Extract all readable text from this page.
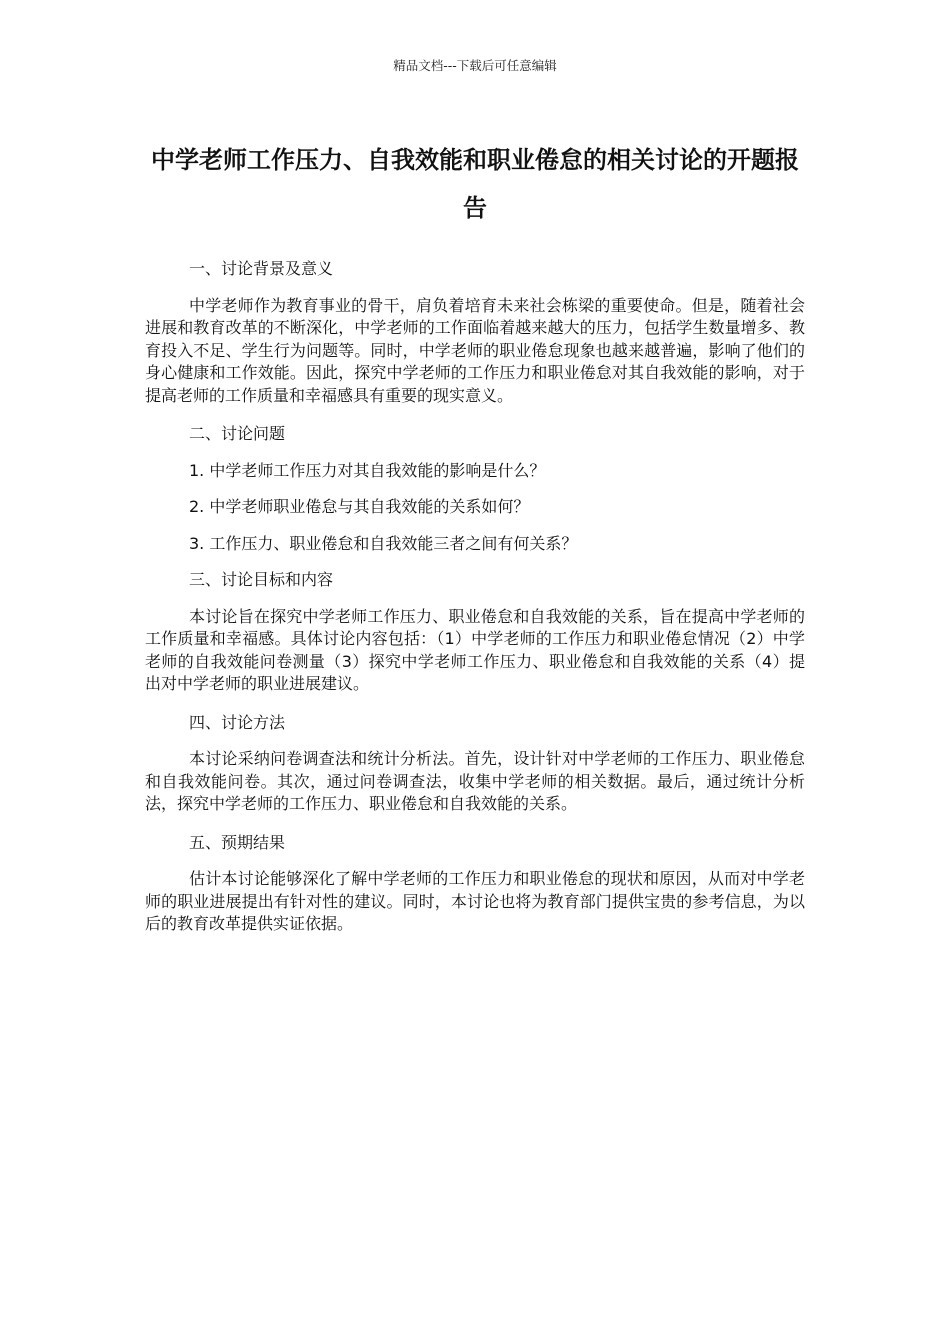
精品文档---下载后可任意编辑
中学老师工作压力、自我效能和职业倦怠的相关讨论的开题报告

一、讨论背景及意义

中学老师作为教育事业的骨干，肩负着培育未来社会栋梁的重要使命。但是，随着社会进展和教育改革的不断深化，中学老师的工作面临着越来越大的压力，包括学生数量增多、教育投入不足、学生行为问题等。同时，中学老师的职业倦怠现象也越来越普遍，影响了他们的身心健康和工作效能。因此，探究中学老师的工作压力和职业倦怠对其自我效能的影响，对于提高老师的工作质量和幸福感具有重要的现实意义。

二、讨论问题

1. 中学老师工作压力对其自我效能的影响是什么？

2. 中学老师职业倦怠与其自我效能的关系如何？

3. 工作压力、职业倦怠和自我效能三者之间有何关系？

三、讨论目标和内容

本讨论旨在探究中学老师工作压力、职业倦怠和自我效能的关系，旨在提高中学老师的工作质量和幸福感。具体讨论内容包括：（1）中学老师的工作压力和职业倦怠情况（2）中学老师的自我效能问卷测量（3）探究中学老师工作压力、职业倦怠和自我效能的关系（4）提出对中学老师的职业进展建议。

四、讨论方法

本讨论采纳问卷调查法和统计分析法。首先，设计针对中学老师的工作压力、职业倦怠和自我效能问卷。其次，通过问卷调查法，收集中学老师的相关数据。最后，通过统计分析法，探究中学老师的工作压力、职业倦怠和自我效能的关系。

五、预期结果

估计本讨论能够深化了解中学老师的工作压力和职业倦怠的现状和原因，从而对中学老师的职业进展提出有针对性的建议。同时，本讨论也将为教育部门提供宝贵的参考信息，为以后的教育改革提供实证依据。
